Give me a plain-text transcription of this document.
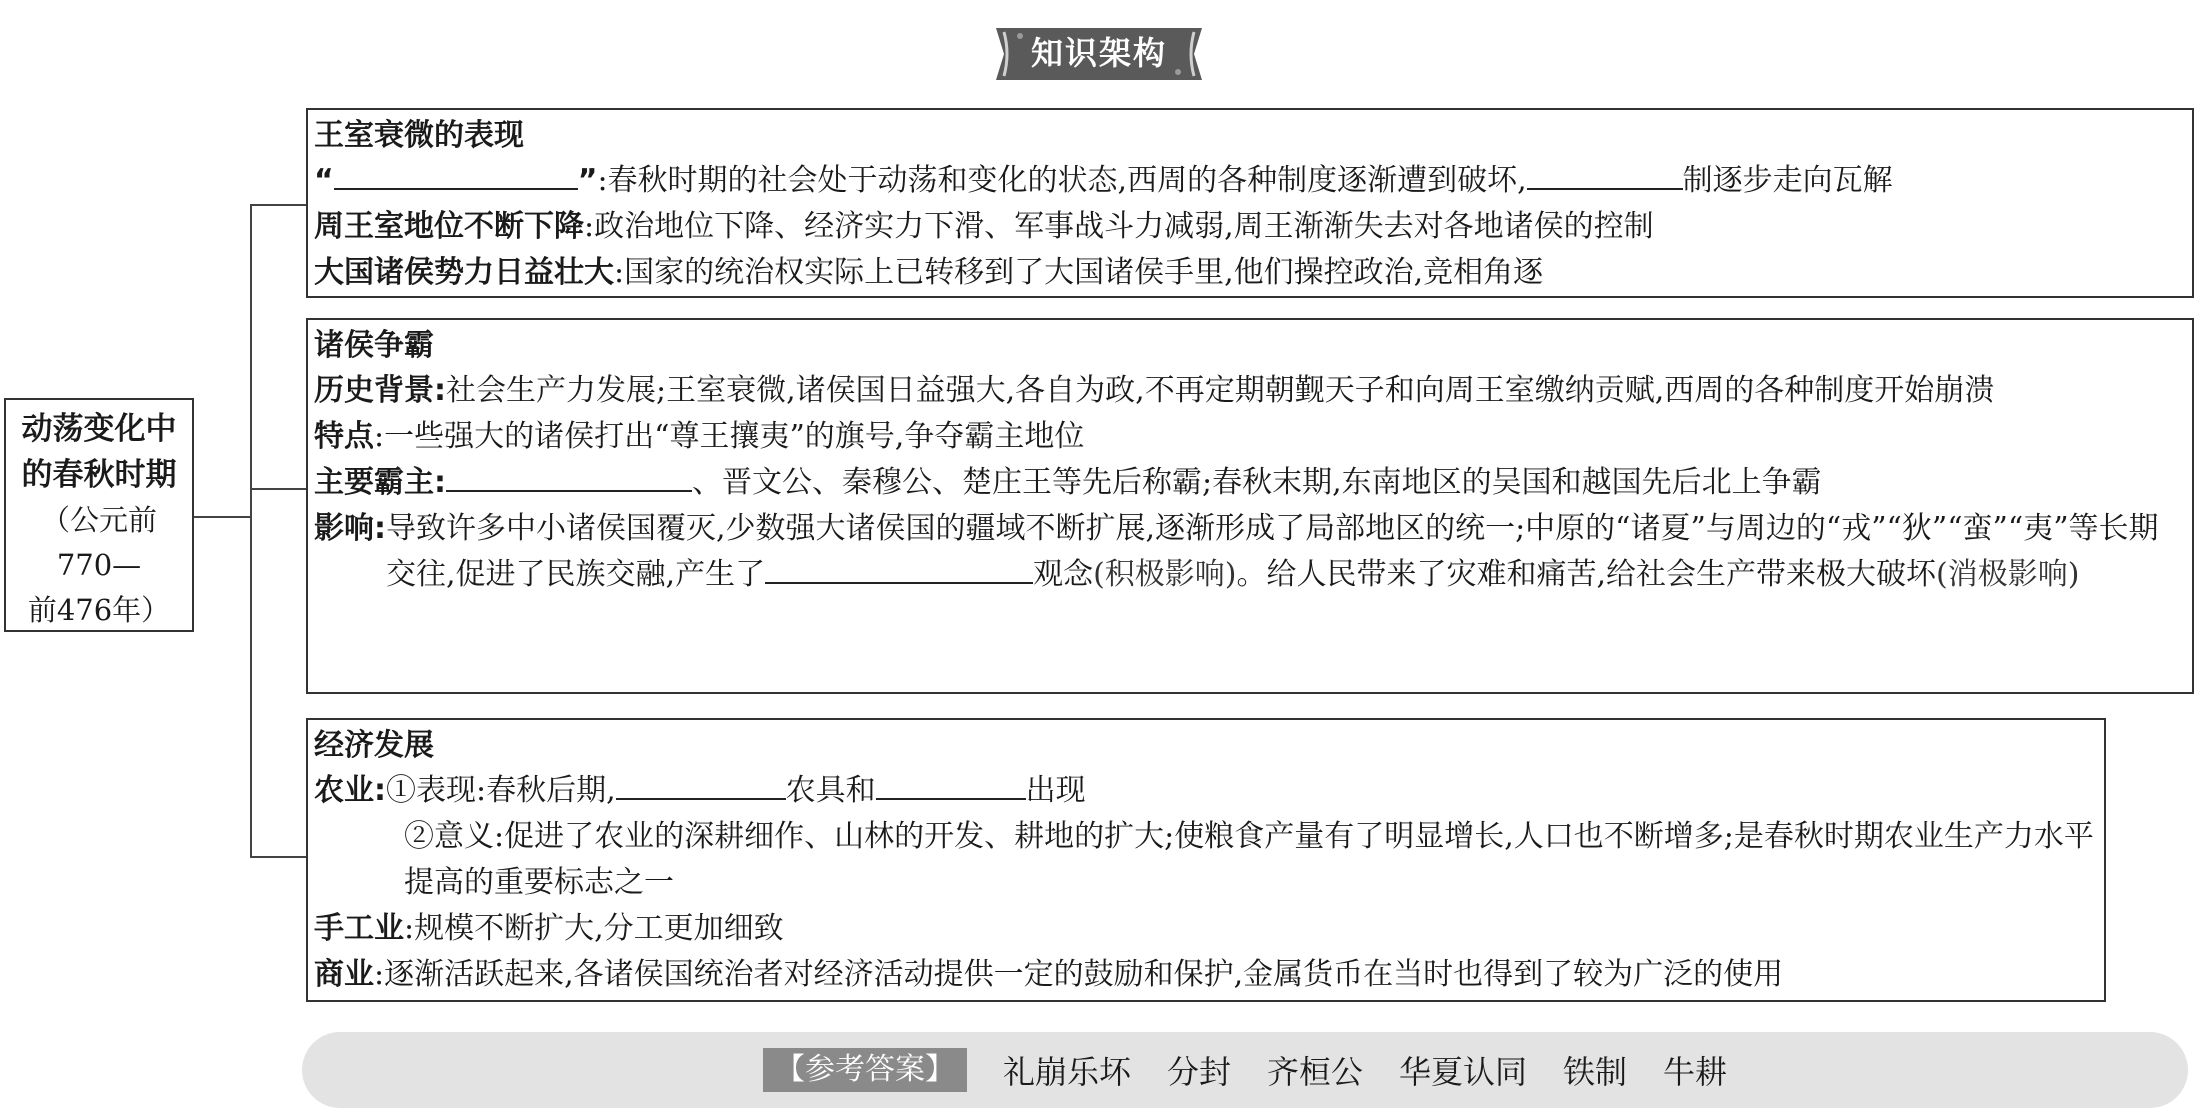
知识架构
动荡变化中
的春秋时期
（公元前
770—
前476年）
王室衰微的表现
“	”:春秋时期的社会处于动荡和变化的状态,西周的各种制度逐渐遭到破坏,	制逐步走向瓦解
周王室地位不断下降:政治地位下降、经济实力下滑、军事战斗力减弱,周王渐渐失去对各地诸侯的控制
大国诸侯势力日益壮大:国家的统治权实际上已转移到了大国诸侯手里,他们操控政治,竞相角逐
诸侯争霸
历史背景: 社会生产力发展;王室衰微,诸侯国日益强大,各自为政,不再定期朝觐天子和向周王室缴纳贡赋,西周的各种制度开始崩溃
特点:一些强大的诸侯打出“尊王攘夷”的旗号,争夺霸主地位
主要霸主:	、晋文公、秦穆公、楚庄王等先后称霸;春秋末期,东南地区的吴国和越国先后北上争霸
影响: 导致许多中小诸侯国覆灭,少数强大诸侯国的疆域不断扩展,逐渐形成了局部地区的统一;中原的“诸夏”与周边的“戎”“狄”“蛮”“夷”等长期交往,促进了民族交融,产生了	观念(积极影响)。给人民带来了灾难和痛苦,给社会生产带来极大破坏(消极影响)
经济发展
农业:①表现:春秋后期,	农具和	出现
②意义:促进了农业的深耕细作、山林的开发、耕地的扩大;使粮食产量有了明显增长,人口也不断增多;是春秋时期农业生产力水平提高的重要标志之一
手工业:规模不断扩大,分工更加细致
商业:逐渐活跃起来,各诸侯国统治者对经济活动提供一定的鼓励和保护,金属货币在当时也得到了较为广泛的使用
【参考答案】	礼崩乐坏 分封 齐桓公 华夏认同 铁制 牛耕
